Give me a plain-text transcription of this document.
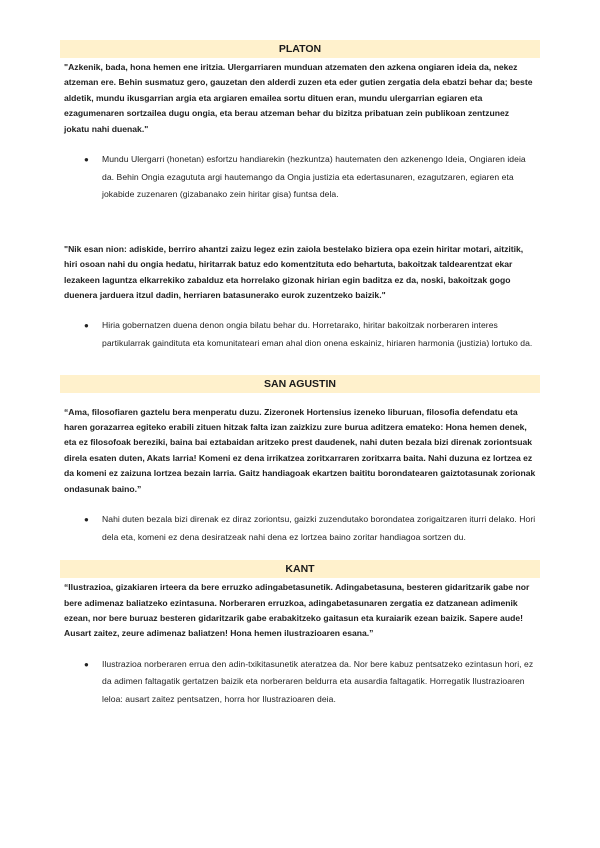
PLATON

"Azkenik, bada, hona hemen ene iritzia. Ulergarriaren munduan atzematen den azkena ongiaren ideia da, nekez atzeman ere. Behin susmatuz gero, gauzetan den alderdi zuzen eta eder gutien zergatia dela ebatzi behar da; beste aldetik, mundu ikusgarrian argia eta argiaren emailea sortu dituen eran, mundu ulergarrian egiaren eta ezagumenaren sortzailea dugu ongia, eta berau atzeman behar du bizitza pribatuan zein publikoan zentzunez jokatu nahi duenak."

● Mundu Ulergarri (honetan) esfortzu handiarekin (hezkuntza) hautematen den azkenengo Ideia, Ongiaren ideia da. Behin Ongia ezagututa argi hautemango da Ongia justizia eta edertasunaren, ezagutzaren, egiaren eta jokabide zuzenaren (gizabanako zein hiritar gisa) funtsa dela.

"Nik esan nion: adiskide, berriro ahantzi zaizu legez ezin zaiola bestelako biziera opa ezein hiritar motari, aitzitik, hiri osoan nahi du ongia hedatu, hiritarrak batuz edo komentzituta edo behartuta, bakoitzak taldearentzat ekar lezakeen laguntza elkarrekiko zabalduz eta horrelako gizonak hirian egin baditza ez da, noski, bakoitzak gogo duenera jarduera itzul dadin, herriaren batasunerako eurok zuzentzeko baizik."

● Hiria gobernatzen duena denon ongia bilatu behar du. Horretarako, hiritar bakoitzak norberaren interes partikularrak gaindituta eta komunitateari eman ahal dion onena eskainiz, hiriaren harmonia (justizia) lortuko da.
SAN AGUSTIN

“Ama, filosofiaren gaztelu bera menperatu duzu. Zizeronek Hortensius izeneko liburuan, filosofia defendatu eta haren gorazarrea egiteko erabili zituen hitzak falta izan zaizkizu zure burua aditzera emateko: Hona hemen denek, eta ez filosofoak bereziki, baina bai eztabaidan aritzeko prest daudenek, nahi duten bezala bizi direnak zoriontsuak direla esaten duten, Akats larria! Komeni ez dena irrikatzea zoritxarraren zoritxarra baita. Nahi duzuna ez lortzea ez da komeni ez zaizuna lortzea bezain larria. Gaitz handiagoak ekartzen baititu borondatearen gaiztotasunak zorionak ondasunak baino.”

● Nahi duten bezala bizi direnak ez diraz zoriontsu, gaizki zuzendutako borondatea zorigaitzaren iturri delako. Hori dela eta, komeni ez dena desiratzeak nahi dena ez lortzea baino zoritar handiagoa sortzen du.
KANT

“Ilustrazioa, gizakiaren irteera da bere erruzko adingabetasunetik. Adingabetasuna, besteren gidaritzarik gabe nor bere adimenaz baliatzeko ezintasuna. Norberaren erruzkoa, adingabetasunaren zergatia ez datzanean adimenik ezean, nor bere buruaz besteren gidaritzarik gabe erabakitzeko gaitasun eta kuraiarik ezean baizik. Sapere aude! Ausart zaitez, zeure adimenaz baliatzen! Hona hemen ilustrazioaren esana.”

● Ilustrazioa norberaren errua den adin-txikitasunetik ateratzea da. Nor bere kabuz pentsatzeko ezintasun hori, ez da adimen faltagatik gertatzen baizik eta norberaren beldurra eta ausardia faltagatik. Horregatik Ilustrazioaren leloa: ausart zaitez pentsatzen, horra hor Ilustrazioaren deia.
